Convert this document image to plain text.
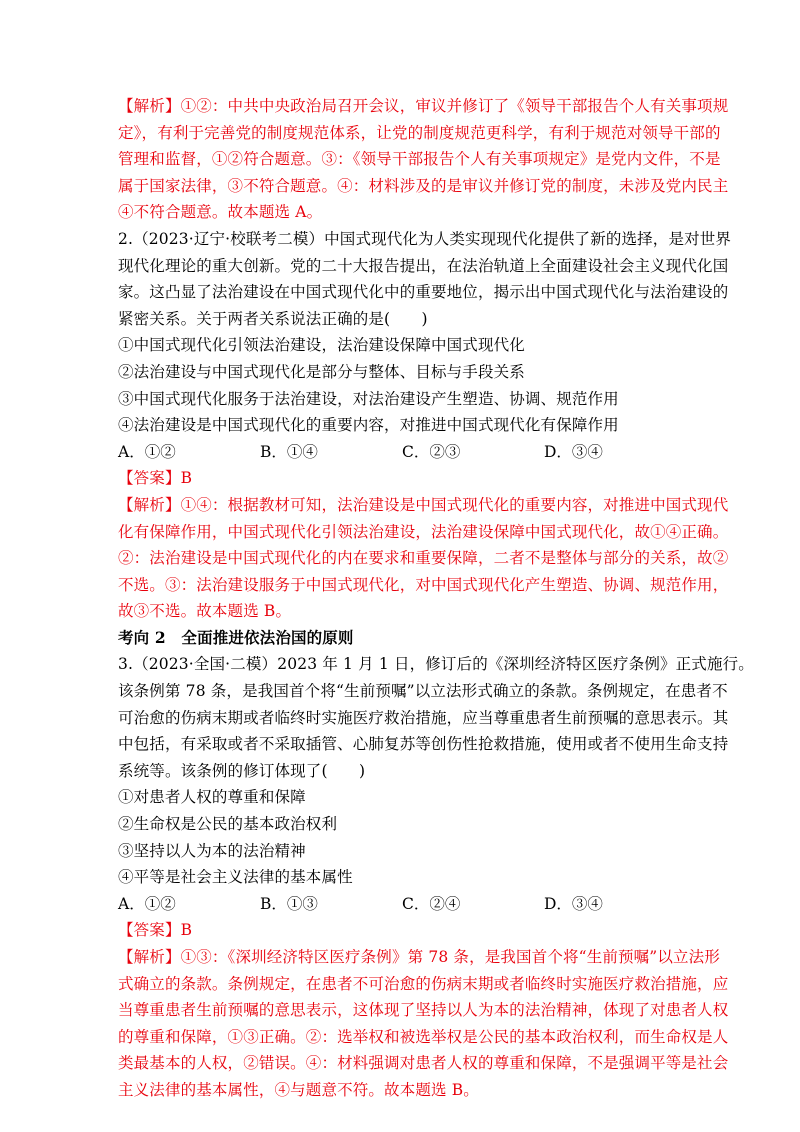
【解析】①②：中共中央政治局召开会议，审议并修订了《领导干部报告个人有关事项规
定》，有利于完善党的制度规范体系，让党的制度规范更科学，有利于规范对领导干部的
管理和监督，①②符合题意。③：《领导干部报告个人有关事项规定》是党内文件，不是
属于国家法律，③不符合题意。④：材料涉及的是审议并修订党的制度，未涉及党内民主
④不符合题意。故本题选 A。
2.（2023·辽宁·校联考二模）中国式现代化为人类实现现代化提供了新的选择，是对世界
现代化理论的重大创新。党的二十大报告提出，在法治轨道上全面建设社会主义现代化国
家。这凸显了法治建设在中国式现代化中的重要地位，揭示出中国式现代化与法治建设的
紧密关系。关于两者关系说法正确的是(　　)
①中国式现代化引领法治建设，法治建设保障中国式现代化
②法治建设与中国式现代化是部分与整体、目标与手段关系
③中国式现代化服务于法治建设，对法治建设产生塑造、协调、规范作用
④法治建设是中国式现代化的重要内容，对推进中国式现代化有保障作用
A．①②	B．①④	C．②③	D．③④
【答案】B
【解析】①④：根据教材可知，法治建设是中国式现代化的重要内容，对推进中国式现代
化有保障作用，中国式现代化引领法治建设，法治建设保障中国式现代化，故①④正确。
②：法治建设是中国式现代化的内在要求和重要保障，二者不是整体与部分的关系，故②
不选。③：法治建设服务于中国式现代化，对中国式现代化产生塑造、协调、规范作用，
故③不选。故本题选 B。
考向 2　全面推进依法治国的原则
3.（2023·全国·二模）2023 年 1 月 1 日，修订后的《深圳经济特区医疗条例》正式施行。
该条例第 78 条，是我国首个将“生前预嘱”以立法形式确立的条款。条例规定，在患者不
可治愈的伤病末期或者临终时实施医疗救治措施，应当尊重患者生前预嘱的意思表示。其
中包括，有采取或者不采取插管、心肺复苏等创伤性抢救措施，使用或者不使用生命支持
系统等。该条例的修订体现了(　　)
①对患者人权的尊重和保障
②生命权是公民的基本政治权利
③坚持以人为本的法治精神
④平等是社会主义法律的基本属性
A．①②	B．①③	C．②④	D．③④
【答案】B
【解析】①③：《深圳经济特区医疗条例》第 78 条，是我国首个将“生前预嘱”以立法形
式确立的条款。条例规定，在患者不可治愈的伤病末期或者临终时实施医疗救治措施，应
当尊重患者生前预嘱的意思表示，这体现了坚持以人为本的法治精神，体现了对患者人权
的尊重和保障，①③正确。②：选举权和被选举权是公民的基本政治权利，而生命权是人
类最基本的人权，②错误。④：材料强调对患者人权的尊重和保障，不是强调平等是社会
主义法律的基本属性，④与题意不符。故本题选 B。
